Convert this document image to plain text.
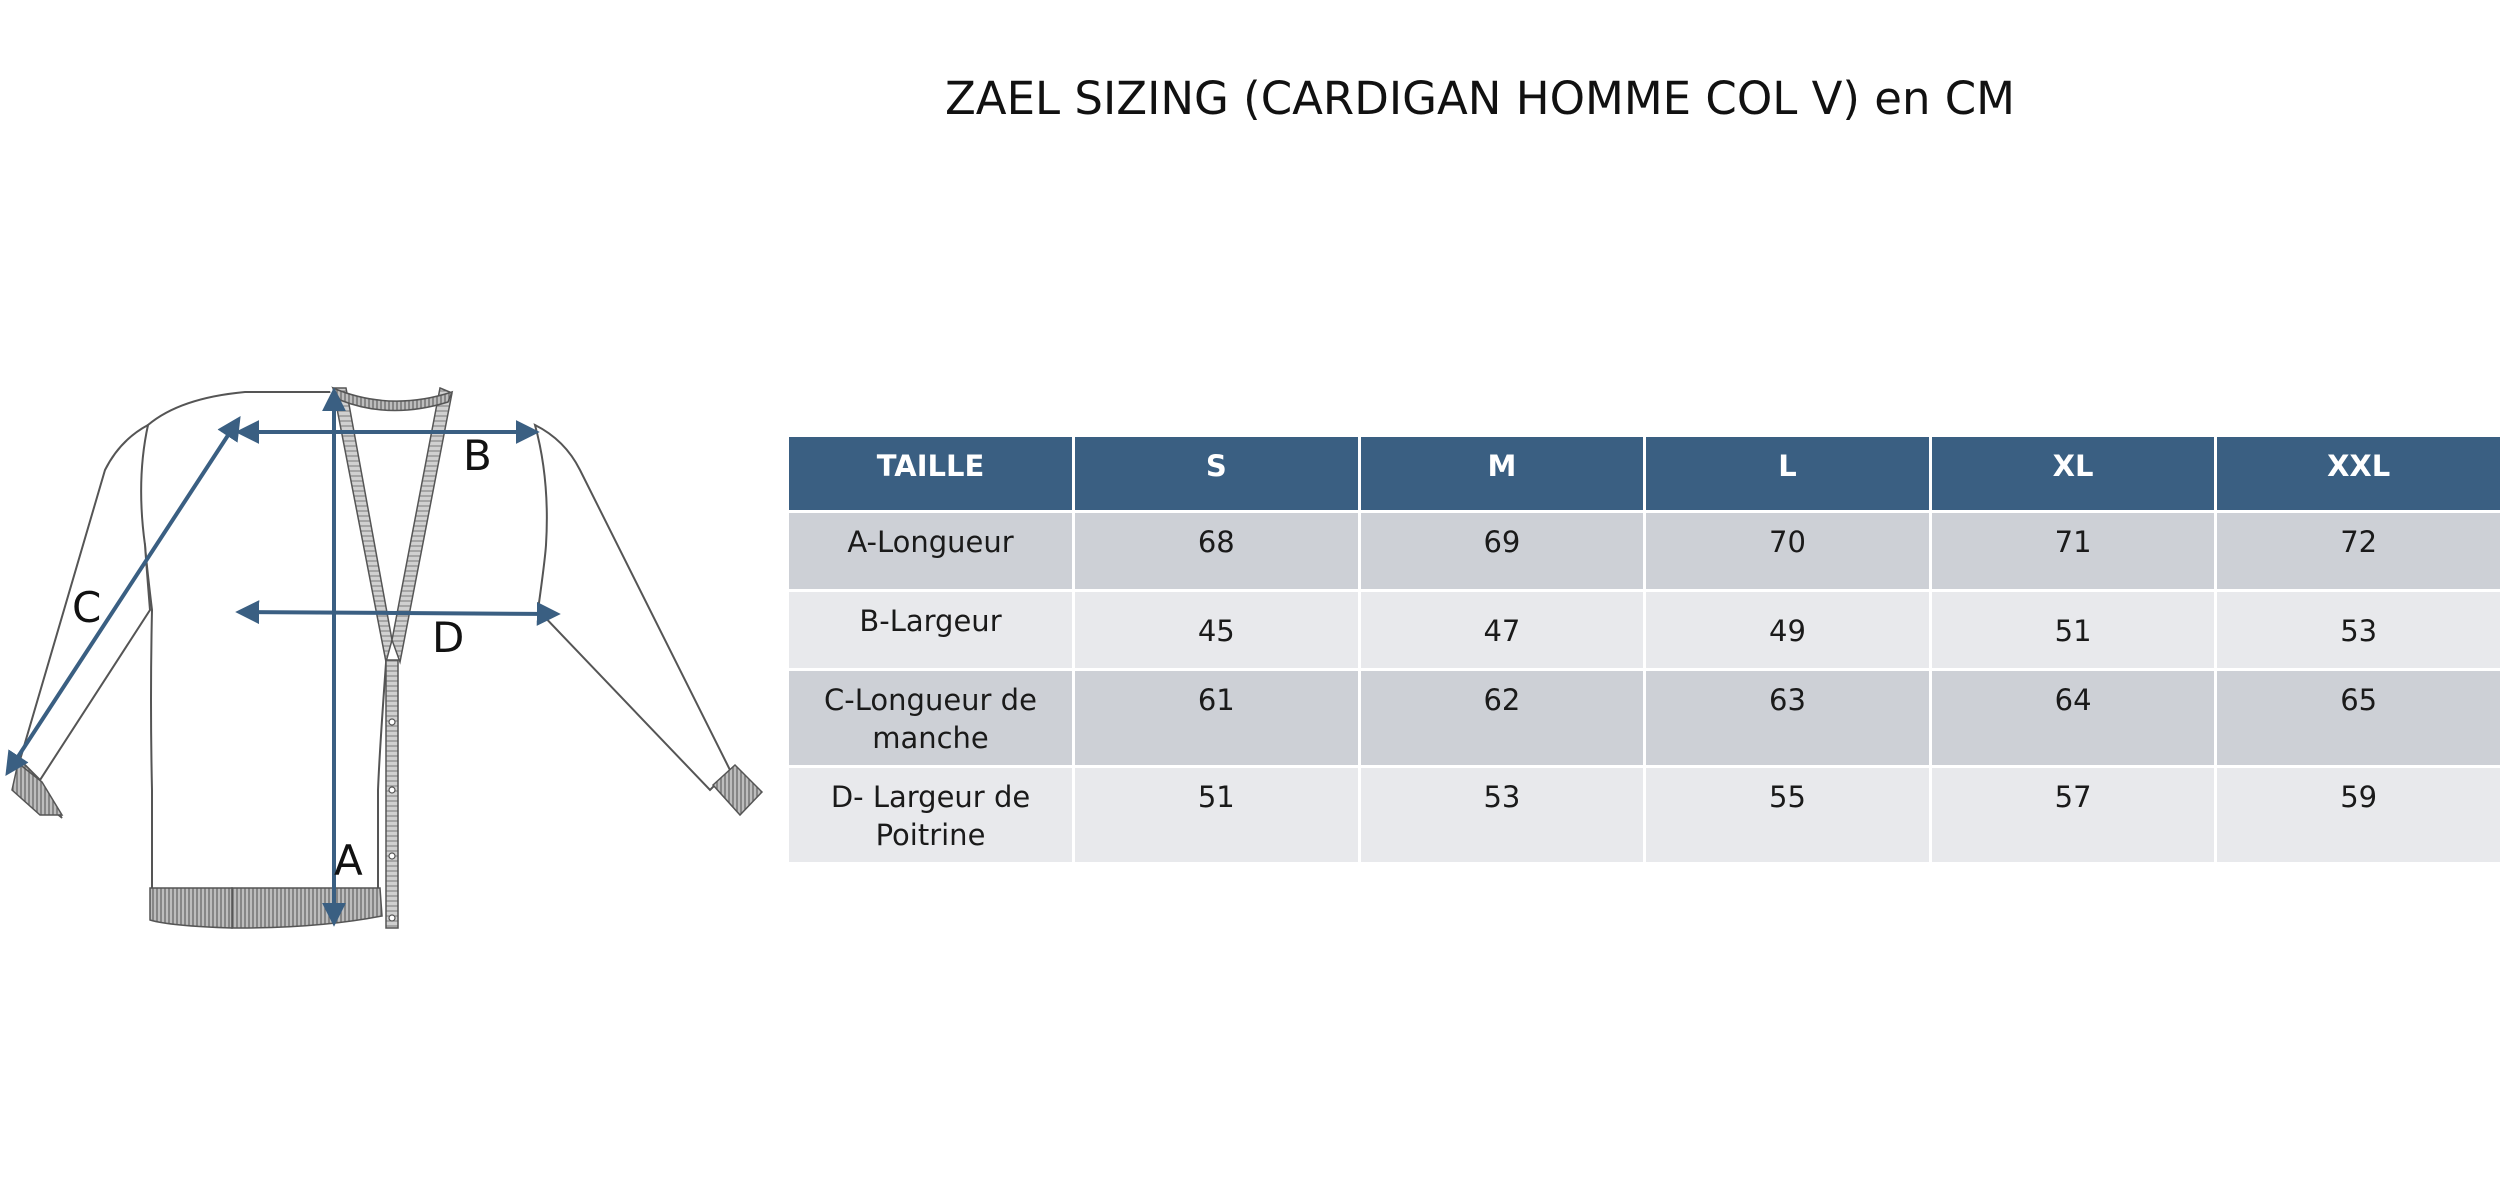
ZAEL SIZING (CARDIGAN HOMME COL V) en CM
A
B
C
D
TAILLE	S	M	L	XL	XXL
A-Longueur	68	69	70	71	72
B-Largeur	45	47	49	51	53
C-Longueur de manche	61	62	63	64	65
D- Largeur de Poitrine	51	53	55	57	59
